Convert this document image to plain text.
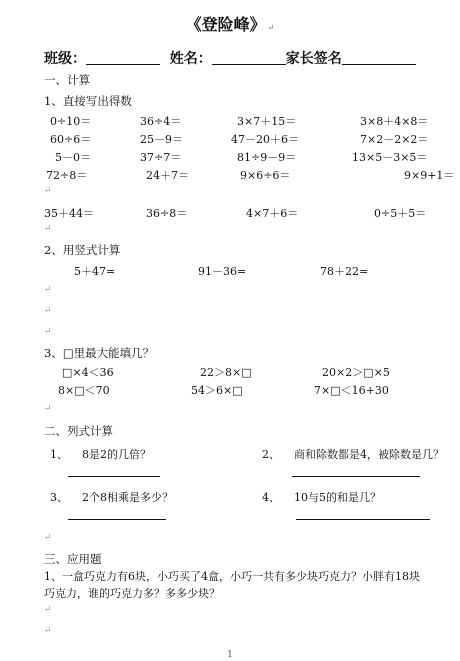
《登险峰》 ↵
班级：	姓名：	家长签名
一、计算
1、直接写出得数
0÷10＝	36÷4＝	3×7＋15＝	3×8＋4×8＝
60÷6＝	25－9＝	47－20＋6＝	7×2－2×2＝
5－0＝	37÷7＝	81÷9－9＝	13×5－3×5＝
72÷8＝	24＋7＝	9×6÷6＝	9×9+1＝
35＋44＝	36÷8＝	4×7＋6＝	0÷5＋5＝
↵
↵
2、用竖式计算
5＋47=	91－36=	78＋22=
↵
↵
↵
3、□里最大能填几？
□×4＜36	22＞8×□	20×2＞□×5
8×□＜70	54＞6×□	7×□＜16+30
↵
二、列式计算
1、 8是2的几倍？	2、 商和除数都是4，被除数是几？
3、 2个8相乘是多少？	4、 10与5的和是几？
↵
三、应用题
1、一盒巧克力有6块，小巧买了4盒，小巧一共有多少块巧克力？小胖有18块
巧克力，谁的巧克力多？多多少块？
↵
↵
1
